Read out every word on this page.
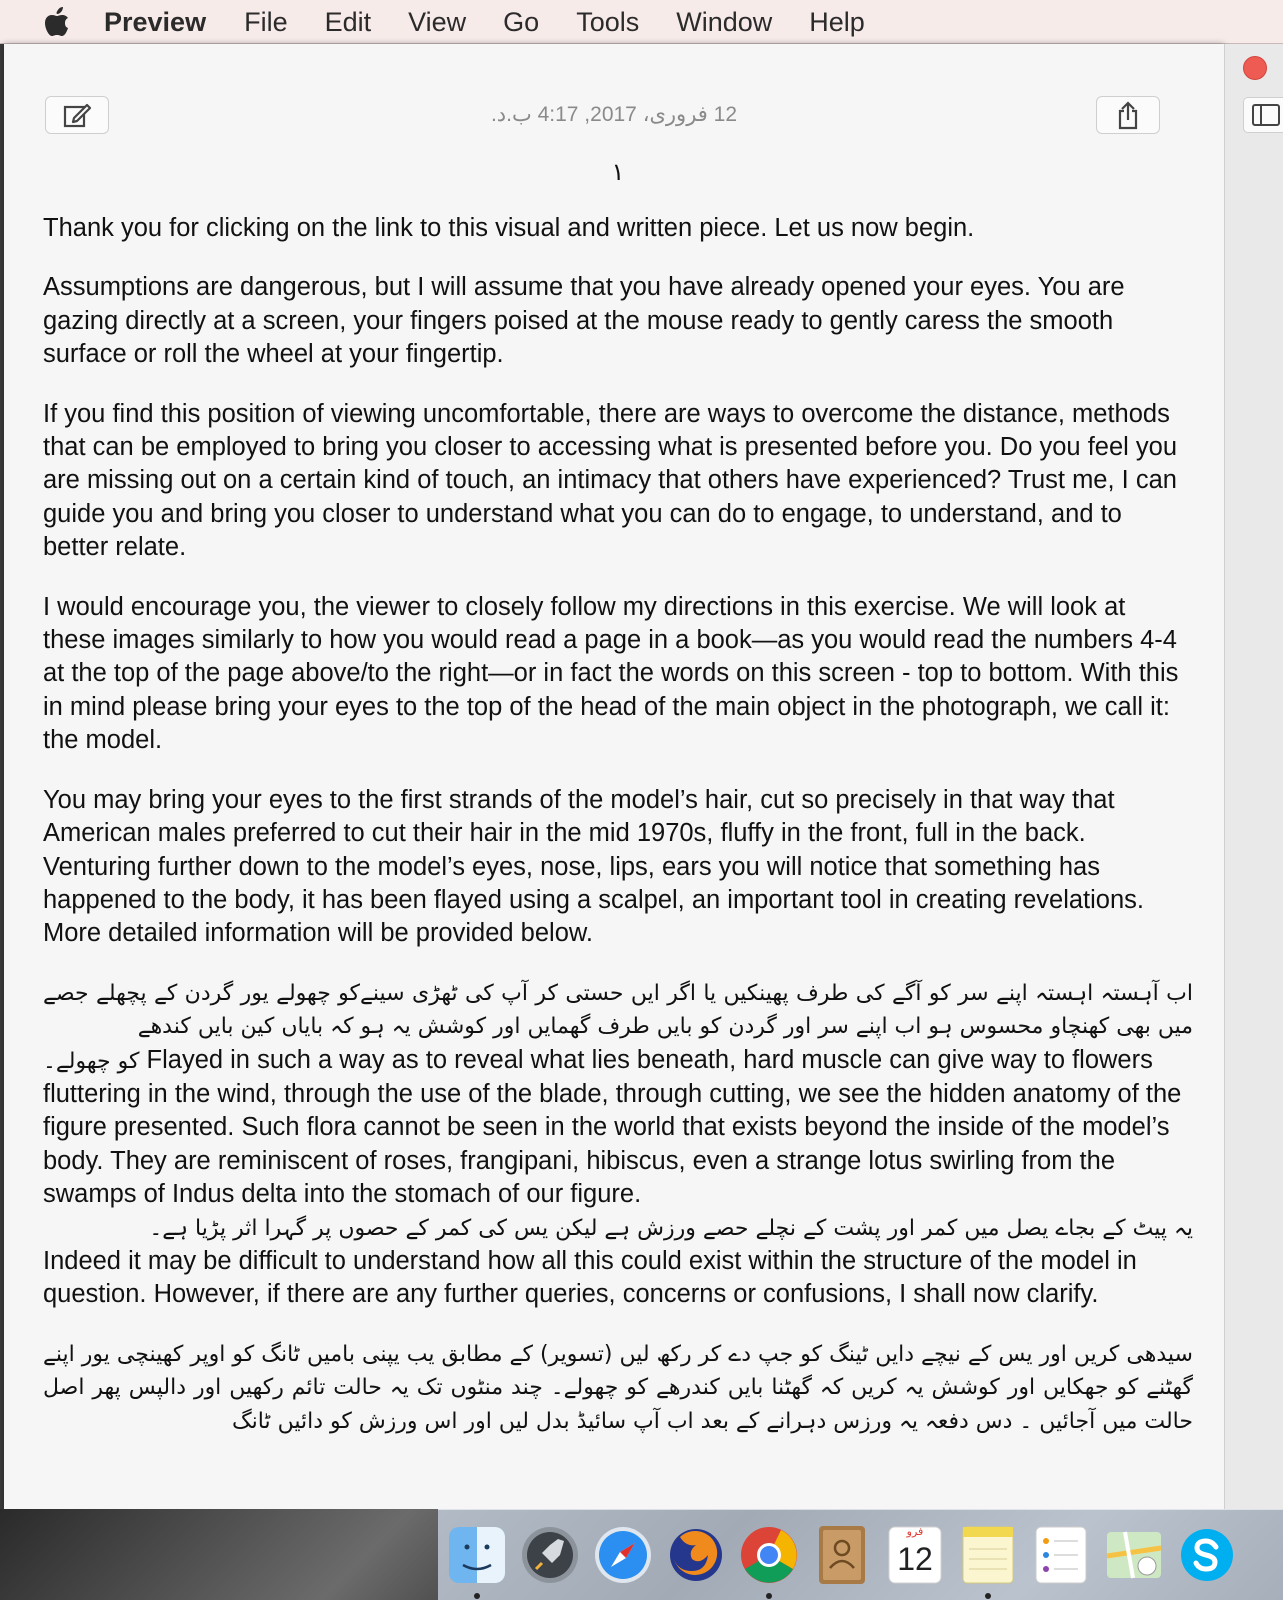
Preview File Edit View Go Tools Window Help
12 فروری، 2017, 4:17 ب.د.
١

Thank you for clicking on the link to this visual and written piece. Let us now begin.

Assumptions are dangerous, but I will assume that you have already opened your eyes. You are gazing directly at a screen, your fingers poised at the mouse ready to gently caress the smooth surface or roll the wheel at your fingertip.

If you find this position of viewing uncomfortable, there are ways to overcome the distance, methods that can be employed to bring you closer to accessing what is presented before you. Do you feel you are missing out on a certain kind of touch, an intimacy that others have experienced? Trust me, I can guide you and bring you closer to understand what you can do to engage, to understand, and to better relate.

I would encourage you, the viewer to closely follow my directions in this exercise. We will look at these images similarly to how you would read a page in a book—as you would read the numbers 4-4 at the top of the page above/to the right—or in fact the words on this screen - top to bottom. With this in mind please bring your eyes to the top of the head of the main object in the photograph, we call it: the model.

You may bring your eyes to the first strands of the model’s hair, cut so precisely in that way that American males preferred to cut their hair in the mid 1970s, fluffy in the front, full in the back. Venturing further down to the model’s eyes, nose, lips, ears you will notice that something has happened to the body, it has been flayed using a scalpel, an important tool in creating revelations. More detailed information will be provided below.

اب آہستہ اہستہ اپنے سر کو آگے کی طرف پھینکیں یا اگر ایں حستی کر آپ کی ٹھڑی سینےکو چھولے یور گردن کے پچھلے جصے میں بھی کھنچاو محسوس ہو اب اپنے سر اور گردن کو بایں طرف گھمایں اور کوشش یہ ہو کہ بایاں کین بایں کندھے

کو چھولے۔ Flayed in such a way as to reveal what lies beneath, hard muscle can give way to flowers fluttering in the wind, through the use of the blade, through cutting, we see the hidden anatomy of the figure presented. Such flora cannot be seen in the world that exists beyond the inside of the model’s body. They are reminiscent of roses, frangipani, hibiscus, even a strange lotus swirling from the swamps of Indus delta into the stomach of our figure.

یہ پیٹ کے بجاے یصل میں کمر اور پشت کے نچلے حصے ورزش ہے لیکن یس کی کمر کے حصوں پر گہرا اثر پڑیا ہے۔

Indeed it may be difficult to understand how all this could exist within the structure of the model in question. However, if there are any further queries, concerns or confusions, I shall now clarify.

سیدھی کریں اور یس کے نیچے دایں ٹینگ کو جپ دے کر رکھ لیں (تسویر) کے مطابق یب یپنی بامیں ٹانگ کو اوپر کھینچی یور اپنے گھٹنے کو جھکایں اور کوشش یہ کریں کہ گھٹنا بایں کندرھے کو چھولے۔ چند منٹوں تک یہ حالت تائم رکھیں اور دالپس پھر اصل حالت میں آجائیں ۔ دس دفعہ یہ ورزس دہرانے کے بعد اب آپ سائیڈ بدل لیں اور اس ورزش کو دائیں ٹانگ

فرو
12
